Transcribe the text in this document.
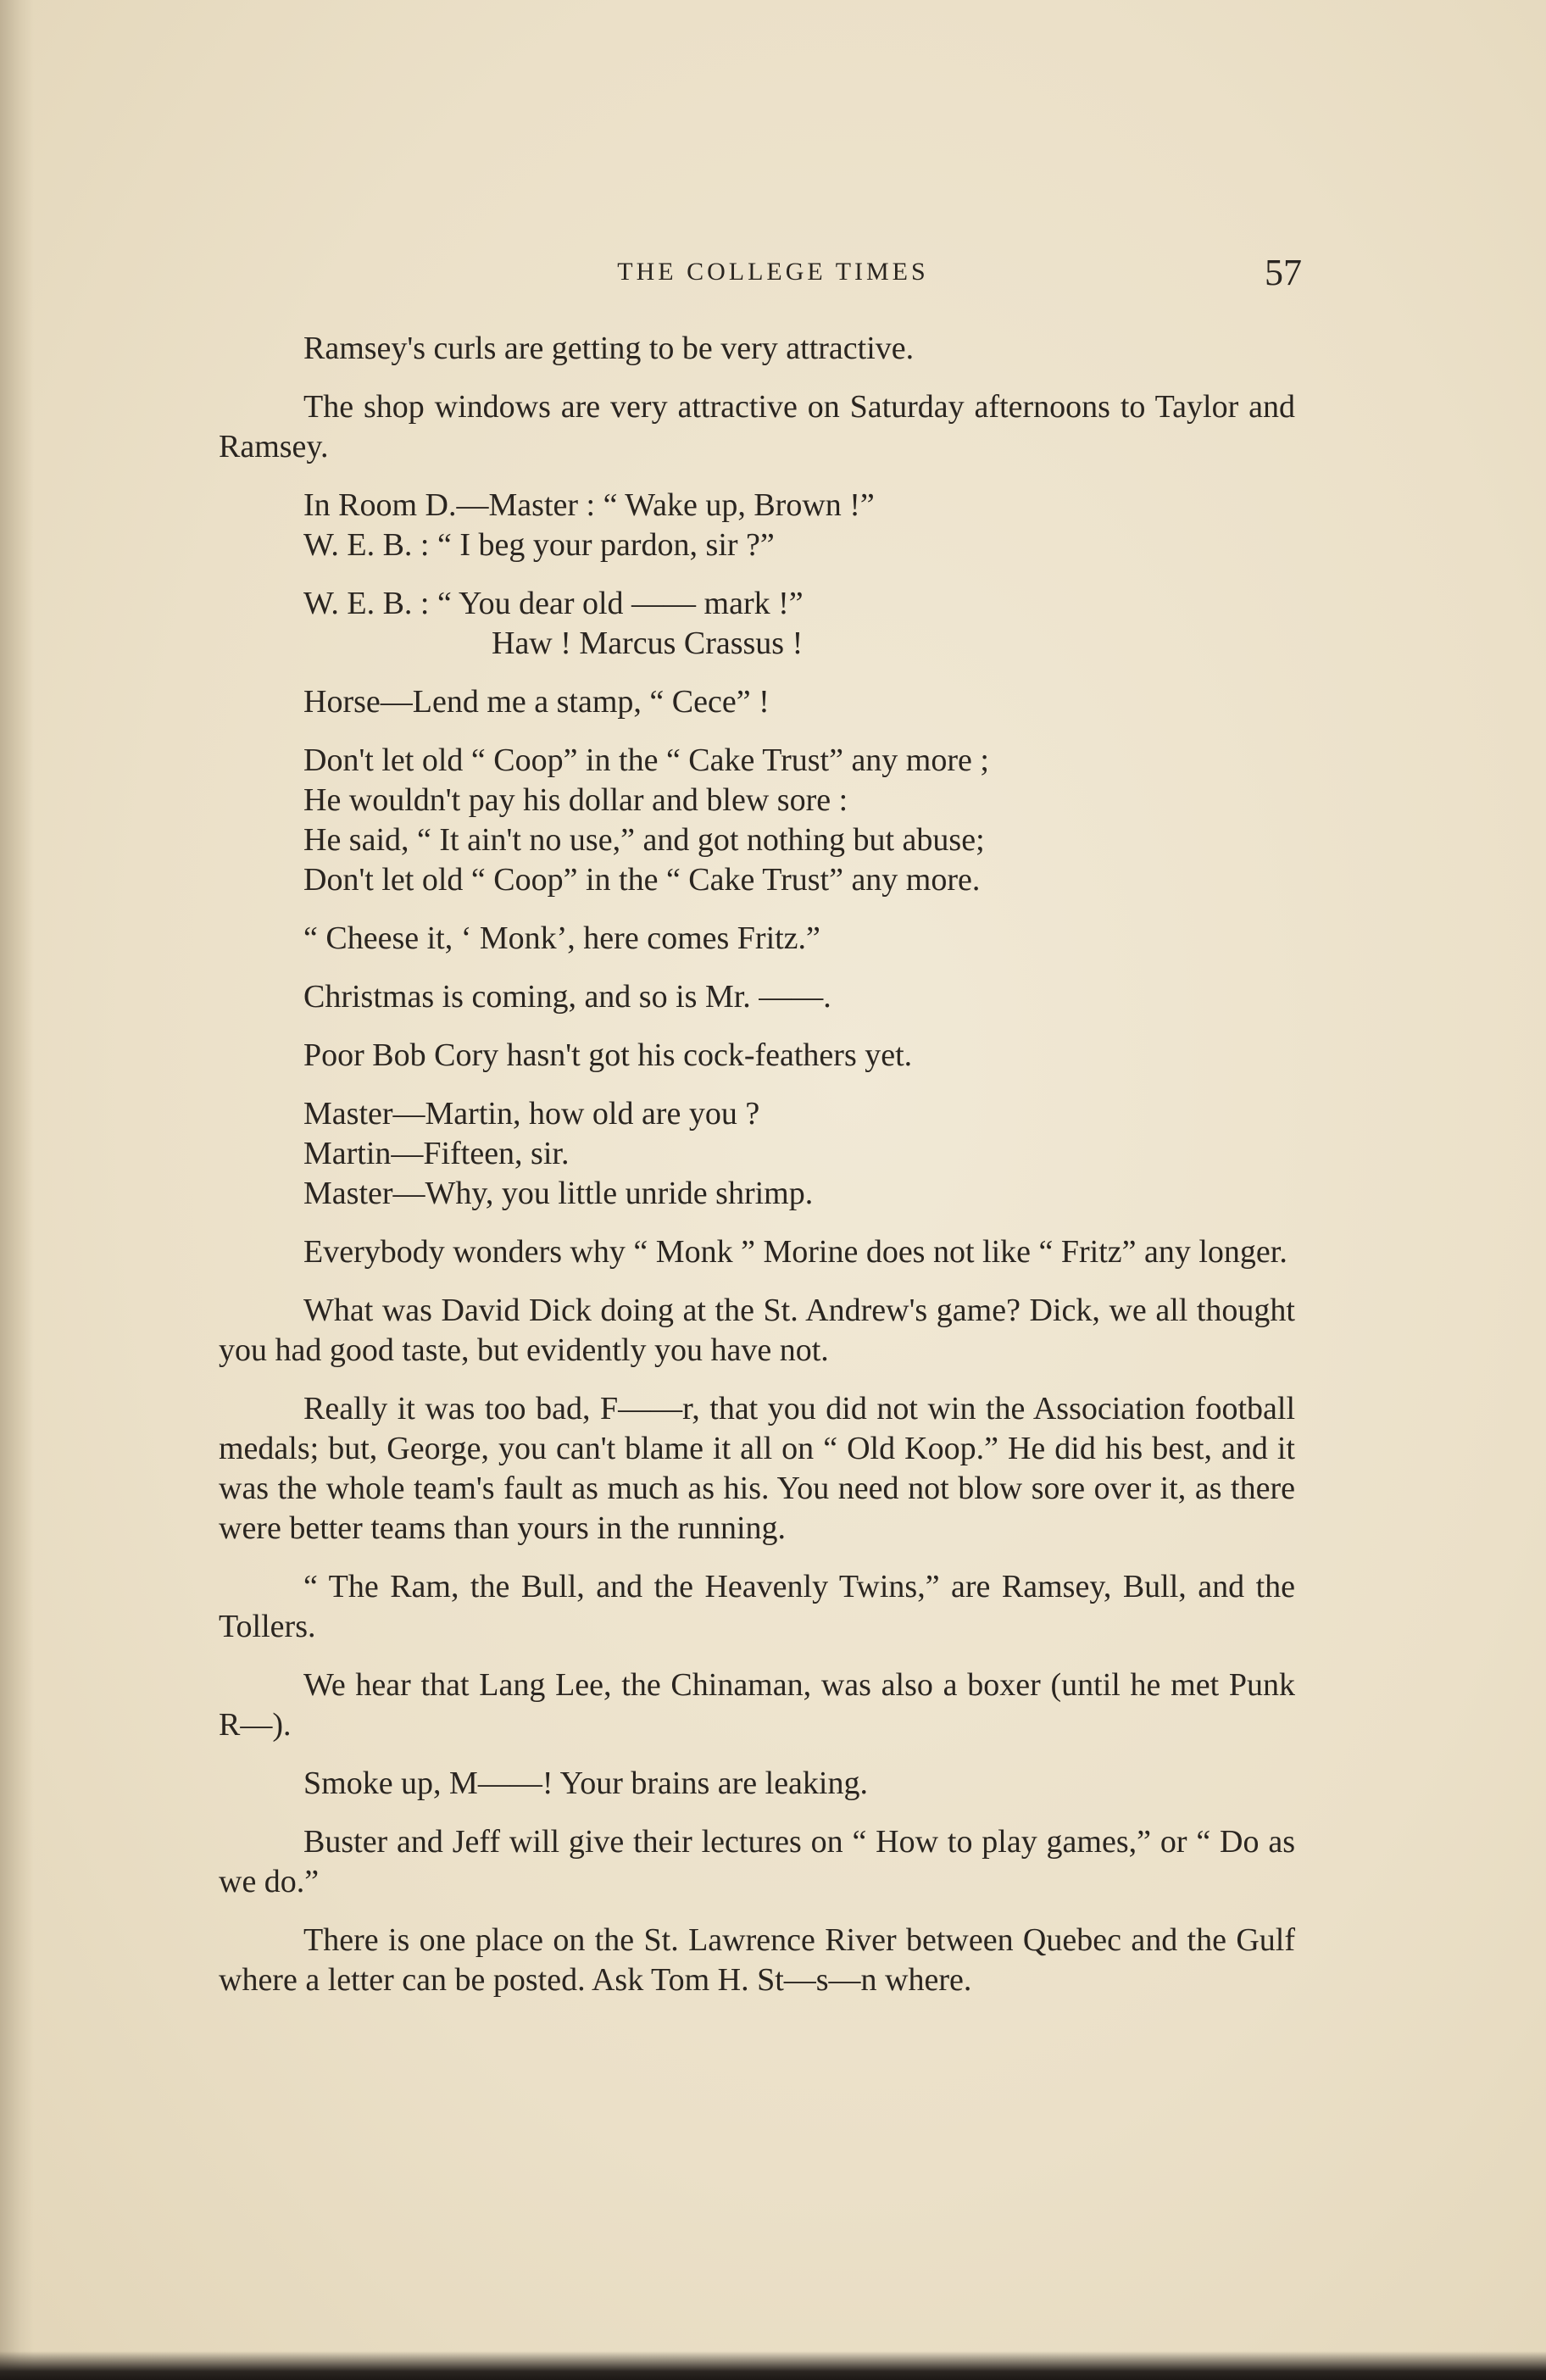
THE COLLEGE TIMES	57

Ramsey's curls are getting to be very attractive.

The shop windows are very attractive on Saturday afternoons to Taylor and Ramsey.

In Room D.—Master : “ Wake up, Brown !”
W. E. B. : “ I beg your pardon, sir ?”
W. E. B. : “ You dear old —— mark !”
Haw ! Marcus Crassus !

Horse—Lend me a stamp, “ Cece” !

Don't let old “ Coop” in the “ Cake Trust” any more ;
He wouldn't pay his dollar and blew sore :
He said, “ It ain't no use,” and got nothing but abuse;
Don't let old “ Coop” in the “ Cake Trust” any more.

“ Cheese it, ‘ Monk’, here comes Fritz.”

Christmas is coming, and so is Mr. ——.

Poor Bob Cory hasn't got his cock-feathers yet.

Master—Martin, how old are you ?
Martin—Fifteen, sir.
Master—Why, you little unride shrimp.

Everybody wonders why “ Monk ” Morine does not like “ Fritz” any longer.

What was David Dick doing at the St. Andrew's game? Dick, we all thought you had good taste, but evidently you have not.

Really it was too bad, F——r, that you did not win the Association football medals; but, George, you can't blame it all on “ Old Koop.” He did his best, and it was the whole team's fault as much as his. You need not blow sore over it, as there were better teams than yours in the running.

“ The Ram, the Bull, and the Heavenly Twins,” are Ramsey, Bull, and the Tollers.

We hear that Lang Lee, the Chinaman, was also a boxer (until he met Punk R—).

Smoke up, M——! Your brains are leaking.

Buster and Jeff will give their lectures on “ How to play games,” or “ Do as we do.”

There is one place on the St. Lawrence River between Quebec and the Gulf where a letter can be posted. Ask Tom H. St—s—n where.
